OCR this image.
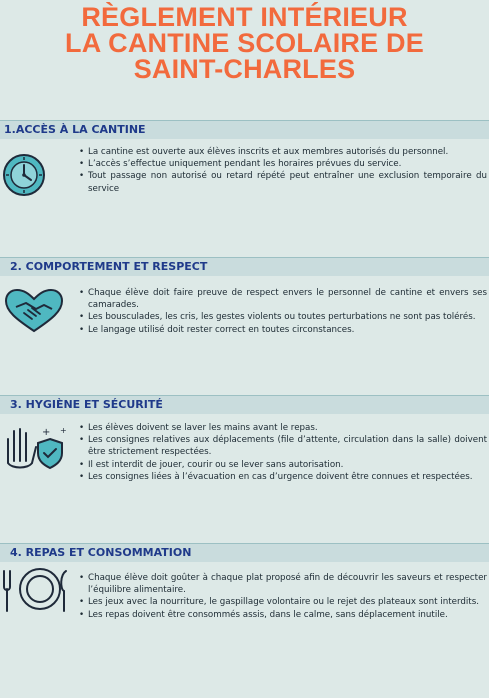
RÈGLEMENT INTÉRIEUR
LA CANTINE SCOLAIRE DE
SAINT-CHARLES
1.ACCÈS À LA CANTINE
• La cantine est ouverte aux élèves inscrits et aux membres autorisés du personnel.
• L’accès s’effectue uniquement pendant les horaires prévues du service.
• Tout passage non autorisé ou retard répété peut entraîner une exclusion temporaire du service
2. COMPORTEMENT ET RESPECT
• Chaque élève doit faire preuve de respect envers le personnel de cantine et envers ses camarades.
• Les bousculades, les cris, les gestes violents ou toutes perturbations ne sont pas tolérés.
• Le langage utilisé doit rester correct en toutes circonstances.
3. HYGIÈNE ET SÉCURITÉ
+ +
•	Les élèves doivent se laver les mains avant le repas.
• Les consignes relatives aux déplacements (file d’attente, circulation dans la salle) doivent être strictement respectées.
• Il est interdit de jouer, courir ou se lever sans autorisation.
• Les consignes liées à l’évacuation en cas d’urgence doivent être connues et respectées.
4. REPAS ET CONSOMMATION
• Chaque élève doit goûter à chaque plat proposé afin de découvrir les saveurs et respecter l’équilibre alimentaire.
• Les jeux avec la nourriture, le gaspillage volontaire ou le rejet des plateaux sont interdits.
• Les repas doivent être consommés assis, dans le calme, sans déplacement inutile.
